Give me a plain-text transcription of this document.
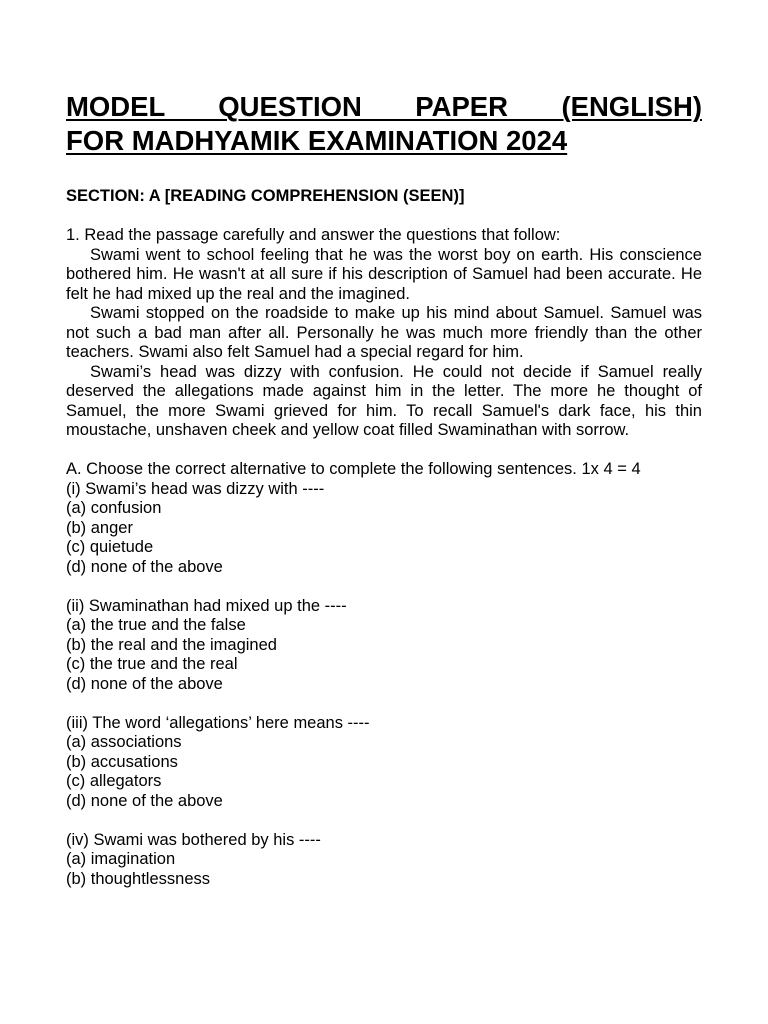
MODEL QUESTION PAPER (ENGLISH)
FOR MADHYAMIK EXAMINATION 2024
SECTION: A [READING COMPREHENSION (SEEN)]
1. Read the passage carefully and answer the questions that follow:

Swami went to school feeling that he was the worst boy on earth. His conscience bothered him. He wasn't at all sure if his description of Samuel had been accurate. He felt he had mixed up the real and the imagined.

Swami stopped on the roadside to make up his mind about Samuel. Samuel was not such a bad man after all. Personally he was much more friendly than the other teachers. Swami also felt Samuel had a special regard for him.

Swami’s head was dizzy with confusion. He could not decide if Samuel really deserved the allegations made against him in the letter. The more he thought of Samuel, the more Swami grieved for him. To recall Samuel's dark face, his thin moustache, unshaven cheek and yellow coat filled Swaminathan with sorrow.

A. Choose the correct alternative to complete the following sentences. 1x 4 = 4
(i) Swami’s head was dizzy with ----
(a) confusion
(b) anger
(c) quietude
(d) none of the above
(ii) Swaminathan had mixed up the ----
(a) the true and the false
(b) the real and the imagined
(c) the true and the real
(d) none of the above
(iii) The word ‘allegations’ here means ----
(a) associations
(b) accusations
(c) allegators
(d) none of the above
(iv) Swami was bothered by his ----
(a) imagination
(b) thoughtlessness
